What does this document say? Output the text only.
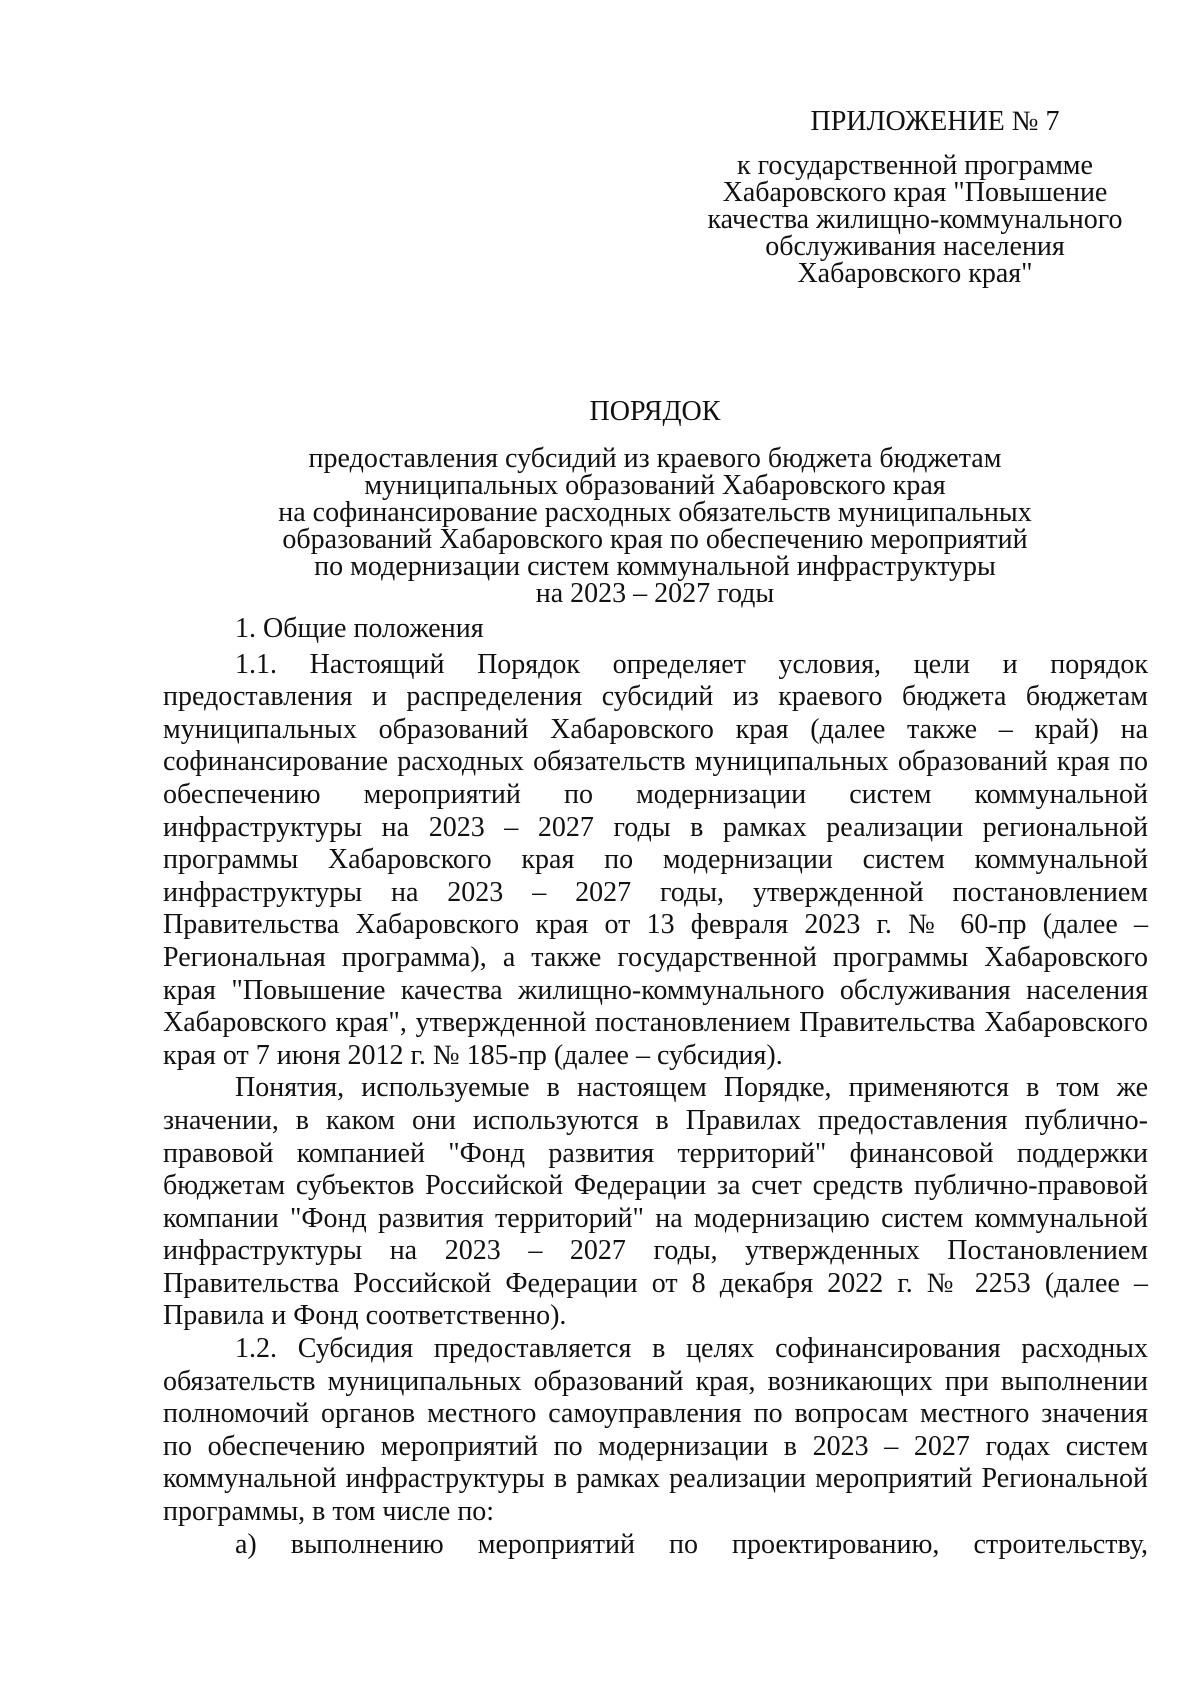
ПРИЛОЖЕНИЕ № 7
к государственной программе
Хабаровского края "Повышение
качества жилищно-коммунального
обслуживания населения
Хабаровского края"
ПОРЯДОК
предоставления субсидий из краевого бюджета бюджетам
муниципальных образований Хабаровского края
на софинансирование расходных обязательств муниципальных
образований Хабаровского края по обеспечению мероприятий
по модернизации систем коммунальной инфраструктуры
на 2023 – 2027 годы
1. Общие положения

1.1. Настоящий Порядок определяет условия, цели и порядок предоставления и распределения субсидий из краевого бюджета бюджетам муниципальных образований Хабаровского края (далее также – край) на софинансирование расходных обязательств муниципальных образований края по обеспечению мероприятий по модернизации систем коммунальной инфраструктуры на 2023 – 2027 годы в рамках реализации региональной программы Хабаровского края по модернизации систем коммунальной инфраструктуры на 2023 – 2027 годы, утвержденной постановлением Правительства Хабаровского края от 13 февраля 2023 г. № 60-пр (далее – Региональная программа), а также государственной программы Хабаровского края "Повышение качества жилищно-коммунального обслуживания населения Хабаровского края", утвержденной постановлением Правительства Хабаровского края от 7 июня 2012 г. № 185-пр (далее – субсидия).

Понятия, используемые в настоящем Порядке, применяются в том же значении, в каком они используются в Правилах предоставления публично-правовой компанией "Фонд развития территорий" финансовой поддержки бюджетам субъектов Российской Федерации за счет средств публично-правовой компании "Фонд развития территорий" на модернизацию систем коммунальной инфраструктуры на 2023 – 2027 годы, утвержденных Постановлением Правительства Российской Федерации от 8 декабря 2022 г. № 2253 (далее – Правила и Фонд соответственно).

1.2. Субсидия предоставляется в целях софинансирования расходных обязательств муниципальных образований края, возникающих при выполнении полномочий органов местного самоуправления по вопросам местного значения по обеспечению мероприятий по модернизации в 2023 – 2027 годах систем коммунальной инфраструктуры в рамках реализации мероприятий Региональной программы, в том числе по:

а) выполнению мероприятий по проектированию, строительству,
